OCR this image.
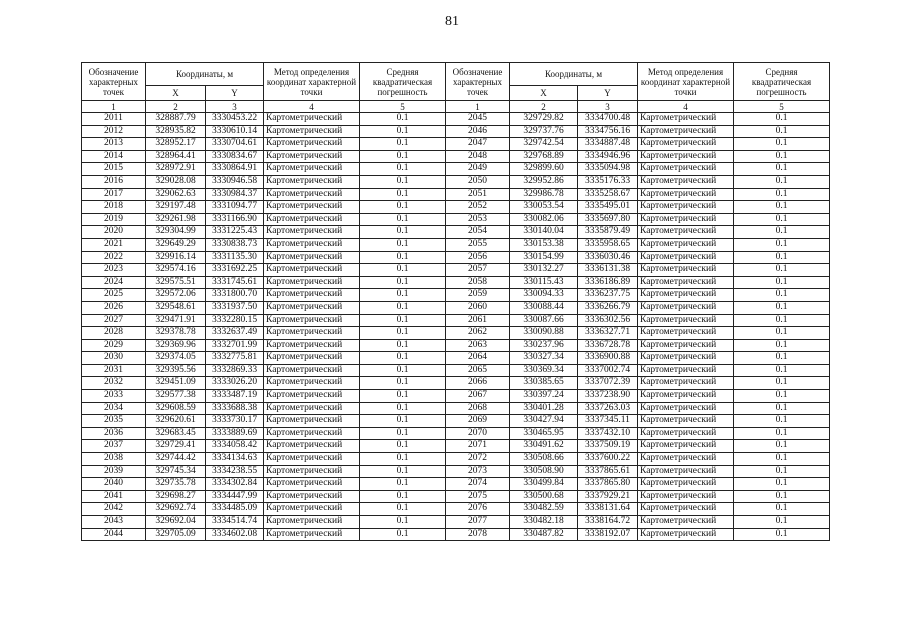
81
Обозначение характерных точек	Координаты, м		Метод определения координат характерной точки	Средняя квадратическая погрешность	Обозначение характерных точек	Координаты, м		Метод определения координат характерной точки	Средняя квадратическая погрешность
	X	Y				X	Y		
1	2	3	4	5	1	2	3	4	5
2011	328887.79	3330453.22	Картометрический	0.1	2045	329729.82	3334700.48	Картометрический	0.1
2012	328935.82	3330610.14	Картометрический	0.1	2046	329737.76	3334756.16	Картометрический	0.1
2013	328952.17	3330704.61	Картометрический	0.1	2047	329742.54	3334887.48	Картометрический	0.1
2014	328964.41	3330834.67	Картометрический	0.1	2048	329768.89	3334946.96	Картометрический	0.1
2015	328972.91	3330864.91	Картометрический	0.1	2049	329899.60	3335094.98	Картометрический	0.1
2016	329028.08	3330946.58	Картометрический	0.1	2050	329952.86	3335176.33	Картометрический	0.1
2017	329062.63	3330984.37	Картометрический	0.1	2051	329986.78	3335258.67	Картометрический	0.1
2018	329197.48	3331094.77	Картометрический	0.1	2052	330053.54	3335495.01	Картометрический	0.1
2019	329261.98	3331166.90	Картометрический	0.1	2053	330082.06	3335697.80	Картометрический	0.1
2020	329304.99	3331225.43	Картометрический	0.1	2054	330140.04	3335879.49	Картометрический	0.1
2021	329649.29	3330838.73	Картометрический	0.1	2055	330153.38	3335958.65	Картометрический	0.1
2022	329916.14	3331135.30	Картометрический	0.1	2056	330154.99	3336030.46	Картометрический	0.1
2023	329574.16	3331692.25	Картометрический	0.1	2057	330132.27	3336131.38	Картометрический	0.1
2024	329575.51	3331745.61	Картометрический	0.1	2058	330115.43	3336186.89	Картометрический	0.1
2025	329572.06	3331800.70	Картометрический	0.1	2059	330094.33	3336237.75	Картометрический	0.1
2026	329548.61	3331937.50	Картометрический	0.1	2060	330088.44	3336266.79	Картометрический	0.1
2027	329471.91	3332280.15	Картометрический	0.1	2061	330087.66	3336302.56	Картометрический	0.1
2028	329378.78	3332637.49	Картометрический	0.1	2062	330090.88	3336327.71	Картометрический	0.1
2029	329369.96	3332701.99	Картометрический	0.1	2063	330237.96	3336728.78	Картометрический	0.1
2030	329374.05	3332775.81	Картометрический	0.1	2064	330327.34	3336900.88	Картометрический	0.1
2031	329395.56	3332869.33	Картометрический	0.1	2065	330369.34	3337002.74	Картометрический	0.1
2032	329451.09	3333026.20	Картометрический	0.1	2066	330385.65	3337072.39	Картометрический	0.1
2033	329577.38	3333487.19	Картометрический	0.1	2067	330397.24	3337238.90	Картометрический	0.1
2034	329608.59	3333688.38	Картометрический	0.1	2068	330401.28	3337263.03	Картометрический	0.1
2035	329620.61	3333730.17	Картометрический	0.1	2069	330427.94	3337345.11	Картометрический	0.1
2036	329683.45	3333889.69	Картометрический	0.1	2070	330465.95	3337432.10	Картометрический	0.1
2037	329729.41	3334058.42	Картометрический	0.1	2071	330491.62	3337509.19	Картометрический	0.1
2038	329744.42	3334134.63	Картометрический	0.1	2072	330508.66	3337600.22	Картометрический	0.1
2039	329745.34	3334238.55	Картометрический	0.1	2073	330508.90	3337865.61	Картометрический	0.1
2040	329735.78	3334302.84	Картометрический	0.1	2074	330499.84	3337865.80	Картометрический	0.1
2041	329698.27	3334447.99	Картометрический	0.1	2075	330500.68	3337929.21	Картометрический	0.1
2042	329692.74	3334485.09	Картометрический	0.1	2076	330482.59	3338131.64	Картометрический	0.1
2043	329692.04	3334514.74	Картометрический	0.1	2077	330482.18	3338164.72	Картометрический	0.1
2044	329705.09	3334602.08	Картометрический	0.1	2078	330487.82	3338192.07	Картометрический	0.1
